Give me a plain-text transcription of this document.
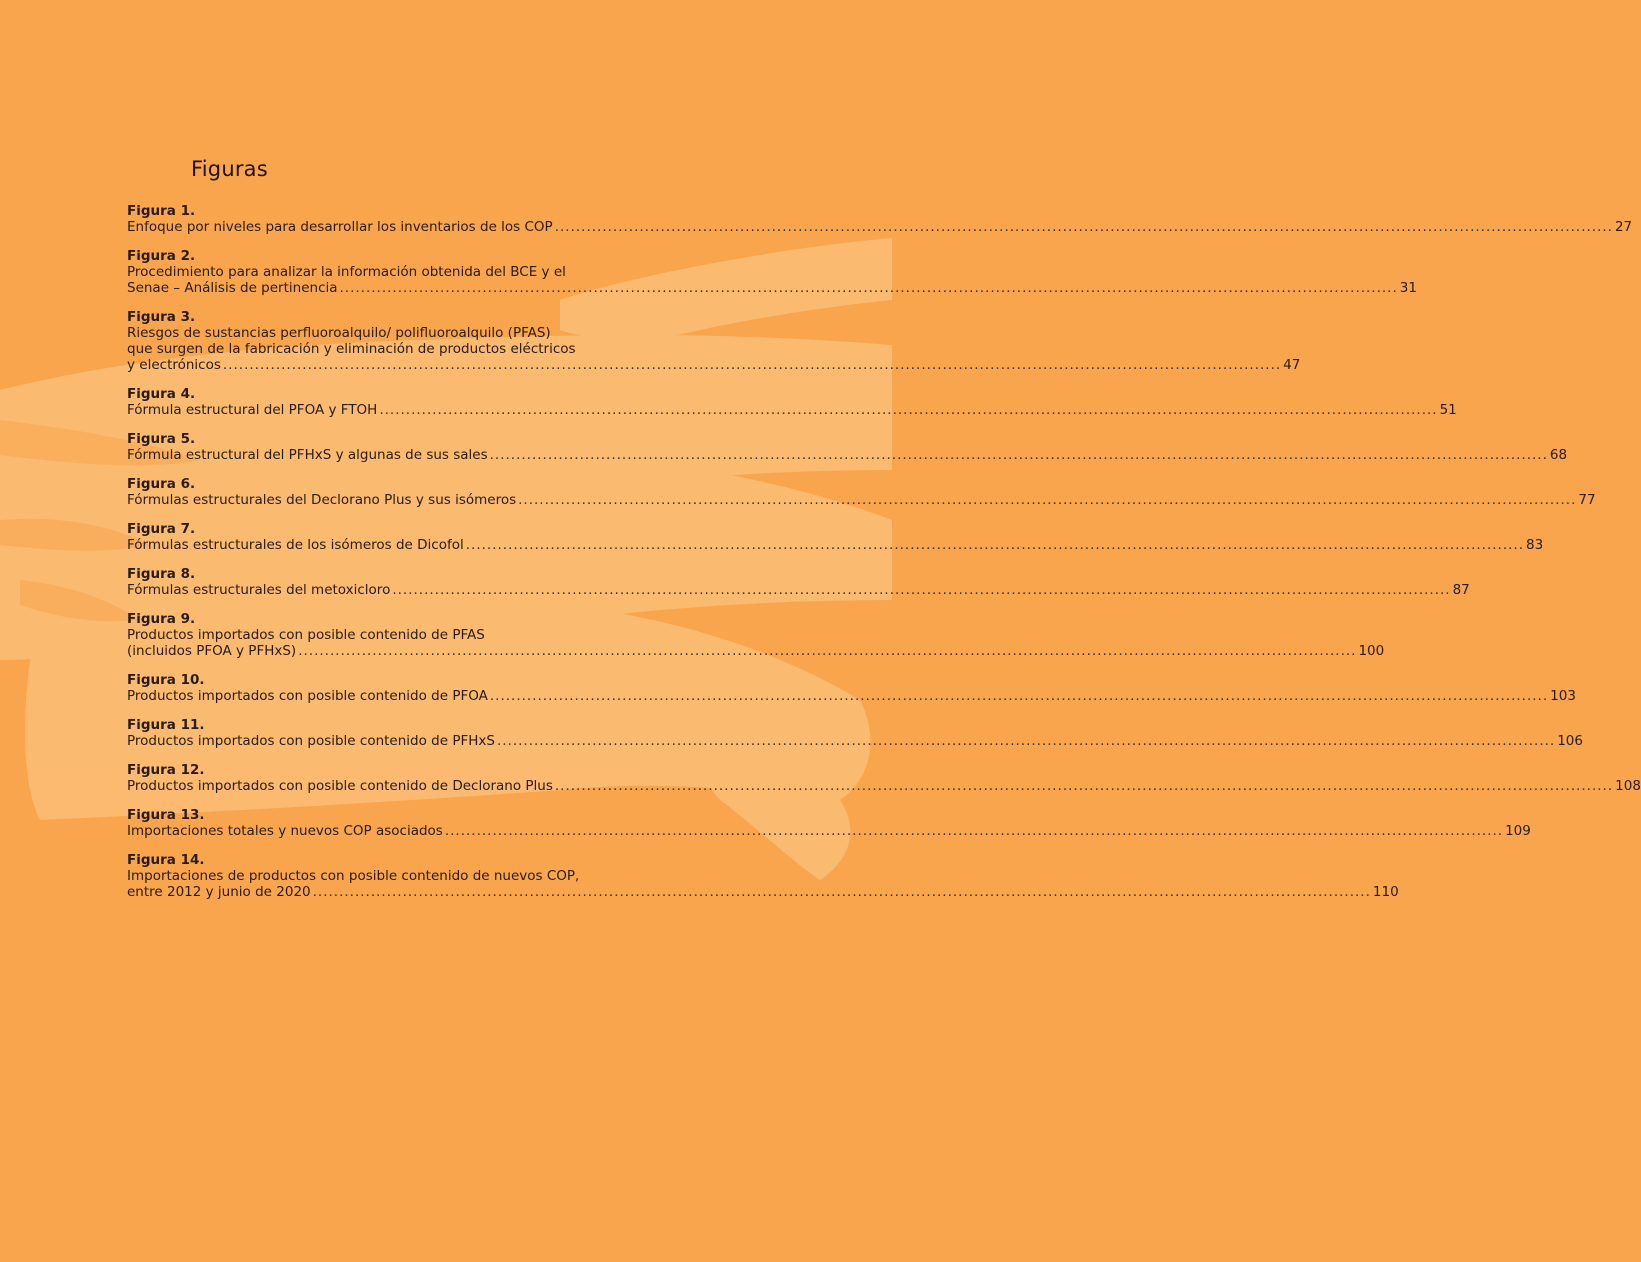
Figuras
Figura 1.
Enfoque por niveles para desarrollar los inventarios de los COP ........................................................................................................................................................................................................ 27
Figura 2.
Procedimiento para analizar la información obtenida del BCE y el
Senae – Análisis de pertinencia ........................................................................................................................................................................................................ 31
Figura 3.
Riesgos de sustancias perfluoroalquilo/ polifluoroalquilo (PFAS)
que surgen de la fabricación y eliminación de productos eléctricos
y electrónicos ........................................................................................................................................................................................................ 47
Figura 4.
Fórmula estructural del PFOA y FTOH ........................................................................................................................................................................................................ 51
Figura 5.
Fórmula estructural del PFHxS y algunas de sus sales ........................................................................................................................................................................................................ 68
Figura 6.
Fórmulas estructurales del Declorano Plus y sus isómeros ........................................................................................................................................................................................................ 77
Figura 7.
Fórmulas estructurales de los isómeros de Dicofol ........................................................................................................................................................................................................ 83
Figura 8.
Fórmulas estructurales del metoxicloro ........................................................................................................................................................................................................ 87
Figura 9.
Productos importados con posible contenido de PFAS
(incluidos PFOA y PFHxS) ........................................................................................................................................................................................................ 100
Figura 10.
Productos importados con posible contenido de PFOA ........................................................................................................................................................................................................ 103
Figura 11.
Productos importados con posible contenido de PFHxS ........................................................................................................................................................................................................ 106
Figura 12.
Productos importados con posible contenido de Declorano Plus ........................................................................................................................................................................................................ 108
Figura 13.
Importaciones totales y nuevos COP asociados ........................................................................................................................................................................................................ 109
Figura 14.
Importaciones de productos con posible contenido de nuevos COP,
entre 2012 y junio de 2020 ........................................................................................................................................................................................................ 110
